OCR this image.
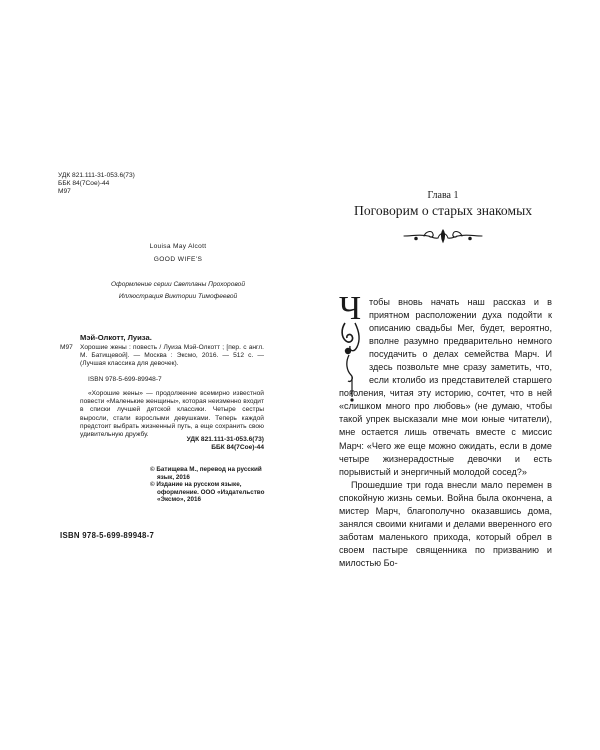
УДК 821.111-31-053.6(73)
ББК 84(7Сое)-44
М97
Louisa May Alcott
GOOD WIFE'S
Оформление серии Светланы Прохоровой
Иллюстрация Виктории Тимофеевой
М97
Мэй-Олкотт, Луиза.
Хорошие жены : повесть / Луиза Мэй-Олкотт ; [пер. с англ. М. Батищевой]. — Москва : Эксмо, 2016. — 512 с. — (Лучшая классика для девочек).
ISBN 978-5-699-89948-7
«Хорошие жены» — продолжение всемирно известной повести «Маленькие женщины», которая неизменно входит в списки лучшей детской классики. Четыре сестры выросли, стали взрослыми девушками. Теперь каждой предстоит выбрать жизненный путь, а еще сохранить свою удивительную дружбу.
УДК 821.111-31-053.6(73)
ББК 84(7Сое)-44
© Батищева М., перевод на русский язык, 2016
© Издание на русском языке, оформление. ООО «Издательство «Эксмо», 2016
ISBN 978-5-699-89948-7
Глава 1
Поговорим о старых знакомых
Ч тобы вновь начать наш рассказ и в приятном расположении духа подойти к описанию свадьбы Мег, будет, вероятно, вполне разумно предварительно немного посудачить о делах семейства Марч. И здесь позвольте мне сразу заметить, что, если ктолибо из представителей старшего поколения, читая эту историю, сочтет, что в ней «слишком много про любовь» (не думаю, чтобы такой упрек высказали мне мои юные читатели), мне остается лишь отвечать вместе с миссис Марч: «Чего же еще можно ожидать, если в доме четыре жизнерадостные девочки и есть порывистый и энергичный молодой сосед?»

Прошедшие три года внесли мало перемен в спокойную жизнь семьи. Война была окончена, а мистер Марч, благополучно оказавшись дома, занялся своими книгами и делами вверенного его заботам маленького прихода, который обрел в своем пастыре священника по призванию и милостью Бо-
